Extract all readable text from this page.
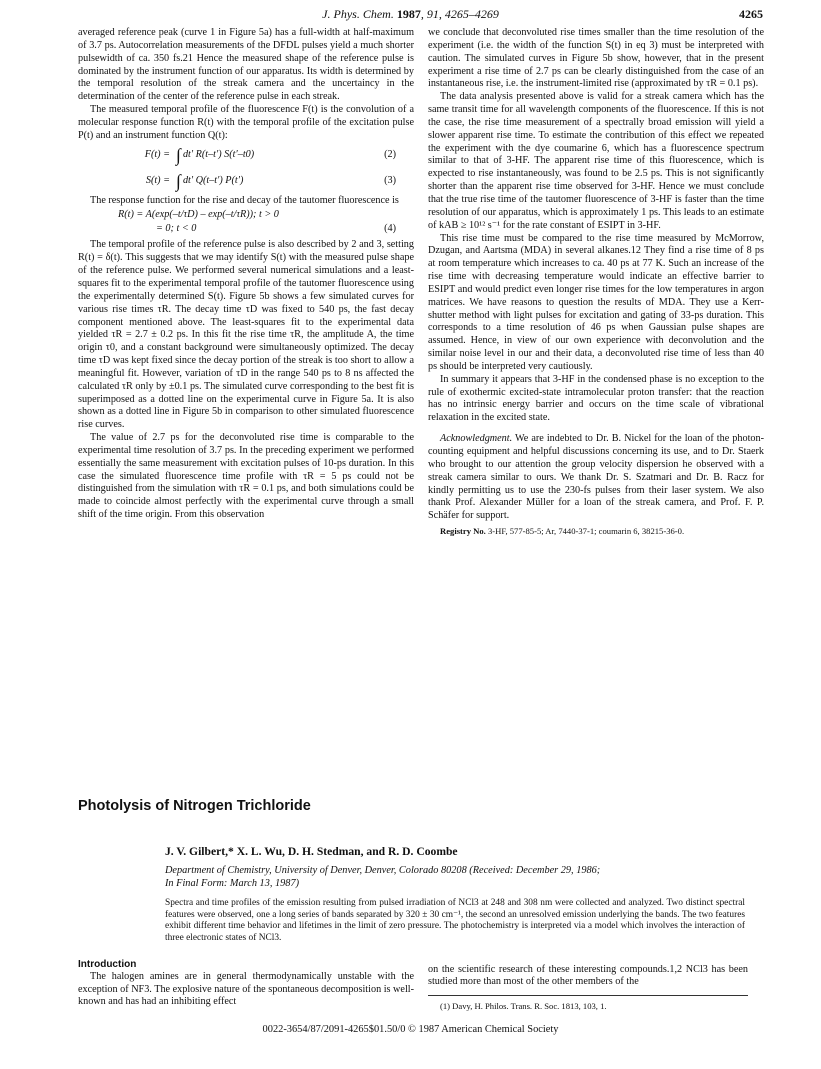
J. Phys. Chem. 1987, 91, 4265–4269	4265

averaged reference peak (curve 1 in Figure 5a) has a full-width at half-maximum of 3.7 ps. Autocorrelation measurements of the DFDL pulses yield a much shorter pulsewidth of ca. 350 fs.21 Hence the measured shape of the reference pulse is dominated by the instrument function of our apparatus. Its width is determined by the temporal resolution of the streak camera and the uncertaincy in the determination of the center of the reference pulse in each streak.

The measured temporal profile of the fluorescence F(t) is the convolution of a molecular response function R(t) with the temporal profile of the excitation pulse P(t) and an instrument function Q(t):

F(t) = ∫ dt′ R(t–t′) S(t′–t0)	(2)
S(t) = ∫ dt′ Q(t–t′) P(t′)	(3)

The response function for the rise and decay of the tautomer fluorescence is

R(t) = A(exp(–t/τD) – exp(–t/τR)); t > 0
= 0; t < 0	(4)

The temporal profile of the reference pulse is also described by 2 and 3, setting R(t) = δ(t). This suggests that we may identify S(t) with the measured pulse shape of the reference pulse. We performed several numerical simulations and a least-squares fit to the experimental temporal profile of the tautomer fluorescence using the experimentally determined S(t). Figure 5b shows a few simulated curves for various rise times τR. The decay time τD was fixed to 540 ps, the fast decay component mentioned above. The least-squares fit to the experimental data yielded τR = 2.7 ± 0.2 ps. In this fit the rise time τR, the amplitude A, the time origin τ0, and a constant background were simultaneously optimized. The decay time τD was kept fixed since the decay portion of the streak is too short to allow a meaningful fit. However, variation of τD in the range 540 ps to 8 ns affected the calculated τR only by ±0.1 ps. The simulated curve corresponding to the best fit is superimposed as a dotted line on the experimental curve in Figure 5a. It is also shown as a dotted line in Figure 5b in comparison to other simulated fluorescence rise curves.

The value of 2.7 ps for the deconvoluted rise time is comparable to the experimental time resolution of 3.7 ps. In the preceding experiment we performed essentially the same measurement with excitation pulses of 10-ps duration. In this case the simulated fluorescence time profile with τR = 5 ps could not be distinguished from the simulation with τR = 0.1 ps, and both simulations could be made to coincide almost perfectly with the experimental curve through a small shift of the time origin. From this observation

we conclude that deconvoluted rise times smaller than the time resolution of the experiment (i.e. the width of the function S(t) in eq 3) must be interpreted with caution. The simulated curves in Figure 5b show, however, that in the present experiment a rise time of 2.7 ps can be clearly distinguished from the case of an instantaneous rise, i.e. the instrument-limited rise (approximated by τR = 0.1 ps).

The data analysis presented above is valid for a streak camera which has the same transit time for all wavelength components of the fluorescence. If this is not the case, the rise time measurement of a spectrally broad emission will yield a slower apparent rise time. To estimate the contribution of this effect we repeated the experiment with the dye coumarine 6, which has a fluorescence spectrum similar to that of 3-HF. The apparent rise time of this fluorescence, which is expected to rise instantaneously, was found to be 2.5 ps. This is not significantly shorter than the apparent rise time observed for 3-HF. Hence we must conclude that the true rise time of the tautomer fluorescence of 3-HF is faster than the time resolution of our apparatus, which is approximately 1 ps. This leads to an estimate of kAB ≥ 10¹² s⁻¹ for the rate constant of ESIPT in 3-HF.

This rise time must be compared to the rise time measured by McMorrow, Dzugan, and Aartsma (MDA) in several alkanes.12 They find a rise time of 8 ps at room temperature which increases to ca. 40 ps at 77 K. Such an increase of the rise time with decreasing temperature would indicate an effective barrier to ESIPT and would predict even longer rise times for the low temperatures in argon matrices. We have reasons to question the results of MDA. They use a Kerr-shutter method with light pulses for excitation and gating of 33-ps duration. This corresponds to a time resolution of 46 ps when Gaussian pulse shapes are assumed. Hence, in view of our own experience with deconvolution and the similar noise level in our and their data, a deconvoluted rise time of less than 40 ps should be interpreted very cautiously.

In summary it appears that 3-HF in the condensed phase is no exception to the rule of exothermic excited-state intramolecular proton transfer: that the reaction has no intrinsic energy barrier and occurs on the time scale of vibrational relaxation in the excited state.

Acknowledgment. We are indebted to Dr. B. Nickel for the loan of the photon-counting equipment and helpful discussions concerning its use, and to Dr. Staerk who brought to our attention the group velocity dispersion he observed with a streak camera similar to ours. We thank Dr. S. Szatmari and Dr. B. Racz for kindly permitting us to use the 230-fs pulses from their laser system. We also thank Prof. Alexander Müller for a loan of the streak camera, and Prof. F. P. Schäfer for support.

Registry No. 3-HF, 577-85-5; Ar, 7440-37-1; coumarin 6, 38215-36-0.
Photolysis of Nitrogen Trichloride
J. V. Gilbert,* X. L. Wu, D. H. Stedman, and R. D. Coombe
Department of Chemistry, University of Denver, Denver, Colorado 80208 (Received: December 29, 1986;
In Final Form: March 13, 1987)
Spectra and time profiles of the emission resulting from pulsed irradiation of NCl3 at 248 and 308 nm were collected and analyzed. Two distinct spectral features were observed, one a long series of bands separated by 320 ± 30 cm⁻¹, the second an unresolved emission underlying the bands. The two features exhibit different time behavior and lifetimes in the limit of zero pressure. The photochemistry is interpreted via a model which involves the interaction of three electronic states of NCl3.
Introduction

The halogen amines are in general thermodynamically unstable with the exception of NF3. The explosive nature of the spontaneous decomposition is well-known and has had an inhibiting effect

on the scientific research of these interesting compounds.1,2 NCl3 has been studied more than most of the other members of the
(1) Davy, H. Philos. Trans. R. Soc. 1813, 103, 1.
0022-3654/87/2091-4265$01.50/0 © 1987 American Chemical Society
